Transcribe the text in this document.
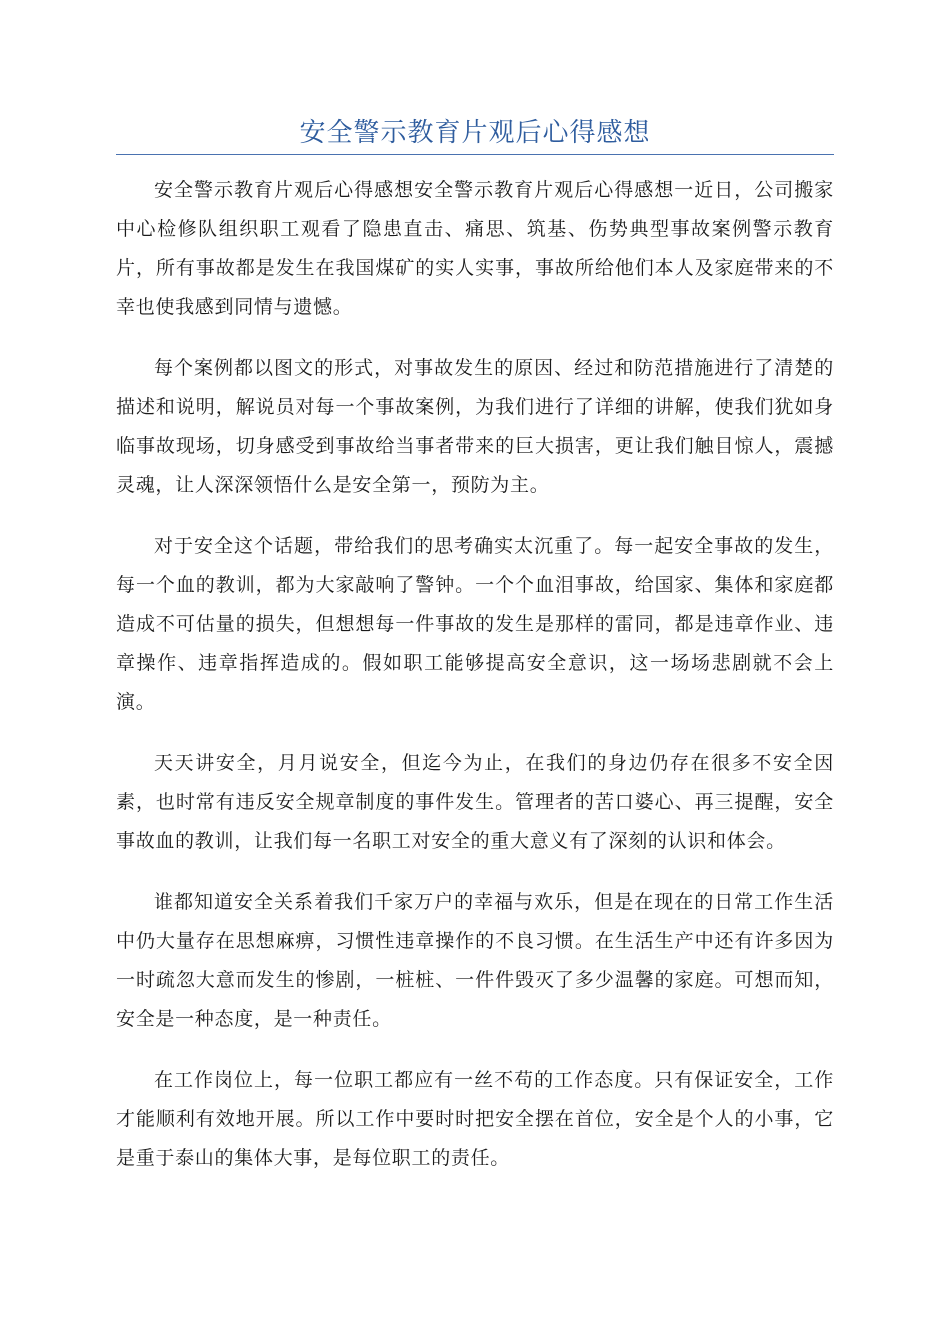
安全警示教育片观后心得感想

安全警示教育片观后心得感想安全警示教育片观后心得感想一近日，公司搬家中心检修队组织职工观看了隐患直击、痛思、筑基、伤势典型事故案例警示教育片，所有事故都是发生在我国煤矿的实人实事，事故所给他们本人及家庭带来的不幸也使我感到同情与遗憾。

每个案例都以图文的形式，对事故发生的原因、经过和防范措施进行了清楚的描述和说明，解说员对每一个事故案例，为我们进行了详细的讲解，使我们犹如身临事故现场，切身感受到事故给当事者带来的巨大损害，更让我们触目惊人，震撼灵魂，让人深深领悟什么是安全第一，预防为主。

对于安全这个话题，带给我们的思考确实太沉重了。每一起安全事故的发生，每一个血的教训，都为大家敲响了警钟。一个个血泪事故，给国家、集体和家庭都造成不可估量的损失，但想想每一件事故的发生是那样的雷同，都是违章作业、违章操作、违章指挥造成的。假如职工能够提高安全意识，这一场场悲剧就不会上演。

天天讲安全，月月说安全，但迄今为止，在我们的身边仍存在很多不安全因素，也时常有违反安全规章制度的事件发生。管理者的苦口婆心、再三提醒，安全事故血的教训，让我们每一名职工对安全的重大意义有了深刻的认识和体会。

谁都知道安全关系着我们千家万户的幸福与欢乐，但是在现在的日常工作生活中仍大量存在思想麻痹，习惯性违章操作的不良习惯。在生活生产中还有许多因为一时疏忽大意而发生的惨剧，一桩桩、一件件毁灭了多少温馨的家庭。可想而知，安全是一种态度，是一种责任。

在工作岗位上，每一位职工都应有一丝不苟的工作态度。只有保证安全，工作才能顺利有效地开展。所以工作中要时时把安全摆在首位，安全是个人的小事，它是重于泰山的集体大事，是每位职工的责任。
